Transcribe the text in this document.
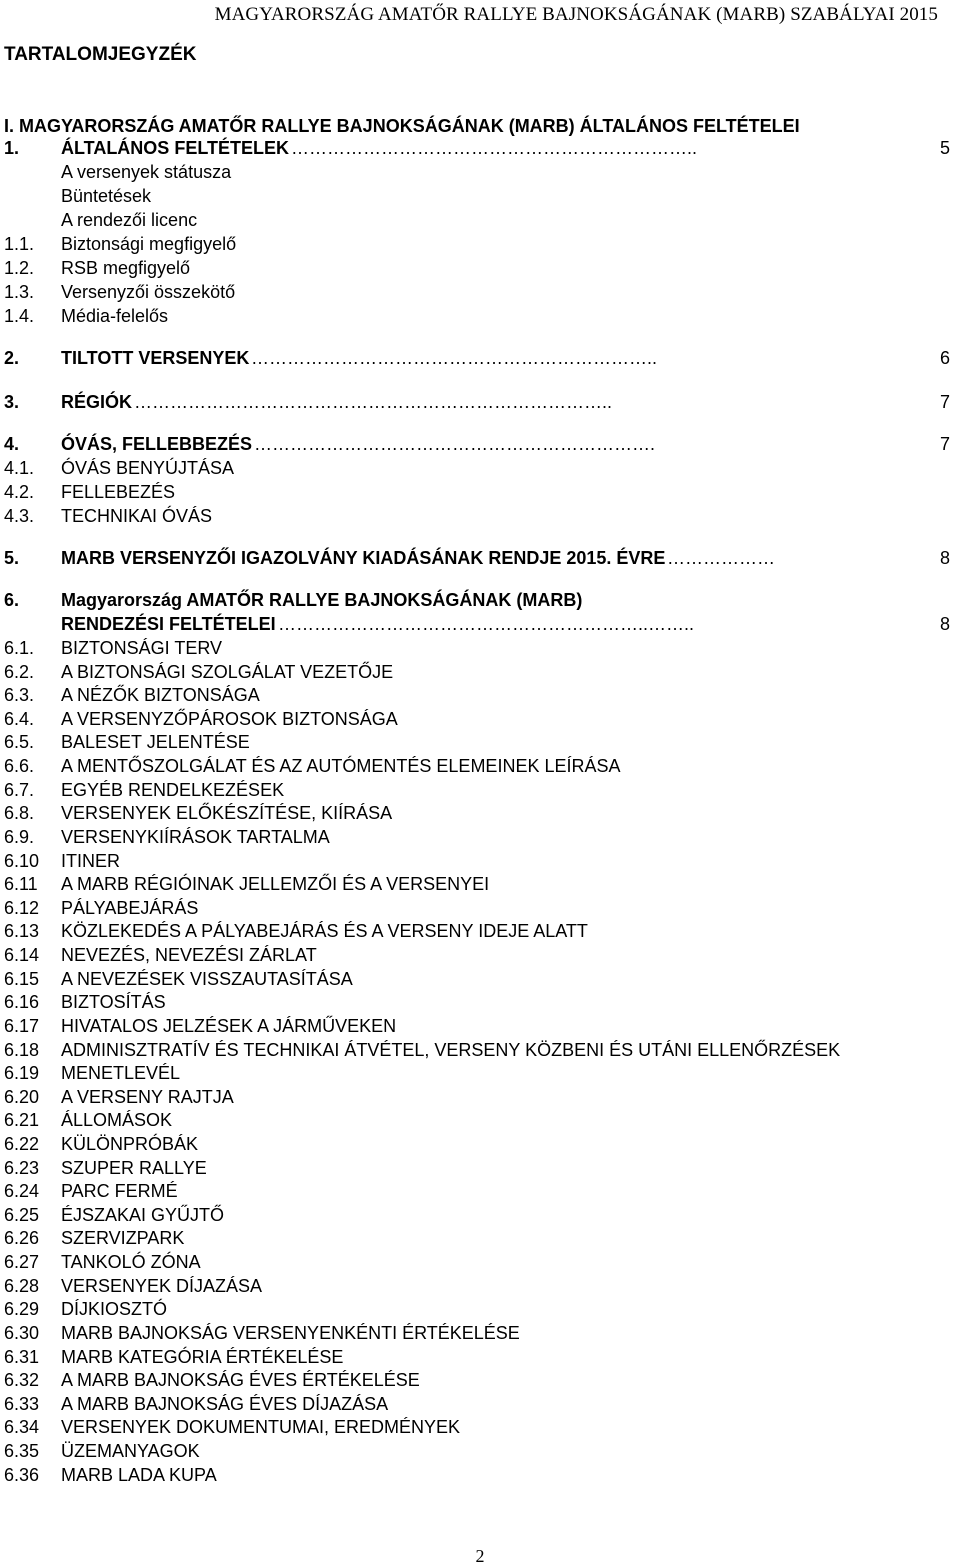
MAGYARORSZÁG AMATŐR RALLYE BAJNOKSÁGÁNAK (MARB) SZABÁLYAI 2015
TARTALOMJEGYZÉK
I. MAGYARORSZÁG AMATŐR RALLYE BAJNOKSÁGÁNAK (MARB) ÁLTALÁNOS FELTÉTELEI
1. ÁLTALÁNOS FELTÉTELEK	5
…………………………………………………………..
A versenyek státusza
Büntetések
A rendezői licenc
1.1. Biztonsági megfigyelő
1.2. RSB megfigyelő
1.3. Versenyzői összekötő
1.4. Média-felelős
2. TILTOTT VERSENYEK	6
…………………………………………………………..
3. RÉGIÓK	7
……………………………………………………………………..
4. ÓVÁS, FELLEBBEZÉS	7
………………………………………………………….
4.1. ÓVÁS BENYÚJTÁSA
4.2. FELLEBEZÉS
4.3. TECHNIKAI ÓVÁS
5. MARB VERSENYZŐI IGAZOLVÁNY KIADÁSÁNAK RENDJE 2015. ÉVRE	8
………………
6. Magyarország AMATŐR RALLYE BAJNOKSÁGÁNAK (MARB)
RENDEZÉSI FELTÉTELEI	8
……………………………………………………..……..
6.1. BIZTONSÁGI TERV
6.2. A BIZTONSÁGI SZOLGÁLAT VEZETŐJE
6.3. A NÉZŐK BIZTONSÁGA
6.4. A VERSENYZŐPÁROSOK BIZTONSÁGA
6.5. BALESET JELENTÉSE
6.6. A MENTŐSZOLGÁLAT ÉS AZ AUTÓMENTÉS ELEMEINEK LEÍRÁSA
6.7. EGYÉB RENDELKEZÉSEK
6.8. VERSENYEK ELŐKÉSZÍTÉSE, KIÍRÁSA
6.9. VERSENYKIÍRÁSOK TARTALMA
6.10 ITINER
6.11 A MARB RÉGIÓINAK JELLEMZŐI ÉS A VERSENYEI
6.12 PÁLYABEJÁRÁS
6.13 KÖZLEKEDÉS A PÁLYABEJÁRÁS ÉS A VERSENY IDEJE ALATT
6.14 NEVEZÉS, NEVEZÉSI ZÁRLAT
6.15 A NEVEZÉSEK VISSZAUTASÍTÁSA
6.16 BIZTOSÍTÁS
6.17 HIVATALOS JELZÉSEK A JÁRMŰVEKEN
6.18 ADMINISZTRATÍV ÉS TECHNIKAI ÁTVÉTEL, VERSENY KÖZBENI ÉS UTÁNI ELLENŐRZÉSEK
6.19 MENETLEVÉL
6.20 A VERSENY RAJTJA
6.21 ÁLLOMÁSOK
6.22 KÜLÖNPRÓBÁK
6.23 SZUPER RALLYE
6.24 PARC FERMÉ
6.25 ÉJSZAKAI GYŰJTŐ
6.26 SZERVIZPARK
6.27 TANKOLÓ ZÓNA
6.28 VERSENYEK DÍJAZÁSA
6.29 DÍJKIOSZTÓ
6.30 MARB BAJNOKSÁG VERSENYENKÉNTI ÉRTÉKELÉSE
6.31 MARB KATEGÓRIA ÉRTÉKELÉSE
6.32 A MARB BAJNOKSÁG ÉVES ÉRTÉKELÉSE
6.33 A MARB BAJNOKSÁG ÉVES DÍJAZÁSA
6.34 VERSENYEK DOKUMENTUMAI, EREDMÉNYEK
6.35 ÜZEMANYAGOK
6.36 MARB LADA KUPA
2
